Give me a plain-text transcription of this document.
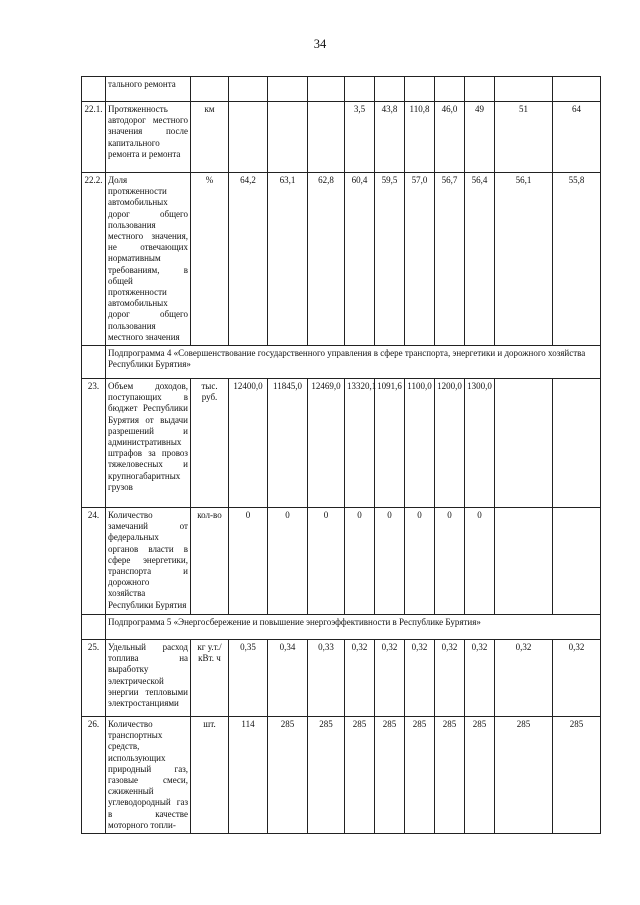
34
	тального ремонта											
22.1.	Протяженность автодорог местного значения после капитального ремонта и ремонта	км				3,5	43,8	110,8	46,0	49	51	64
22.2.	Доля протяженности автомобильных дорог общего пользования местного значения, не отвечающих нормативным требованиям, в общей протяженности автомобильных дорог общего пользования местного значения	%	64,2	63,1	62,8	60,4	59,5	57,0	56,7	56,4	56,1	55,8
	Подпрограмма 4 «Совершенствование государственного управления в сфере транспорта, энергетики и дорожного хозяйства Республики Бурятия»											
23.	Объем доходов, поступающих в бюджет Республики Бурятия от выдачи разрешений и административных штрафов за провоз тяжеловесных и крупногабаритных грузов	тыс. руб.	12400,0	11845,0	12469,0	13320,1	1091,6	1100,0	1200,0	1300,0		
24.	Количество замечаний от федеральных органов власти в сфере энергетики, транспорта и дорожного хозяйства Республики Бурятия	кол-во	0	0	0	0	0	0	0	0		
	Подпрограмма 5 «Энергосбережение и повышение энергоэффективности в Республике Бурятия»											
25.	Удельный расход топлива на выработку электрической энергии тепловыми электростанциями	кг у.т./ кВт. ч	0,35	0,34	0,33	0,32	0,32	0,32	0,32	0,32	0,32	0,32
26.	Количество транспортных средств, использующих природный газ, газовые смеси, сжиженный углеводородный газ в качестве моторного топли-	шт.	114	285	285	285	285	285	285	285	285	285
